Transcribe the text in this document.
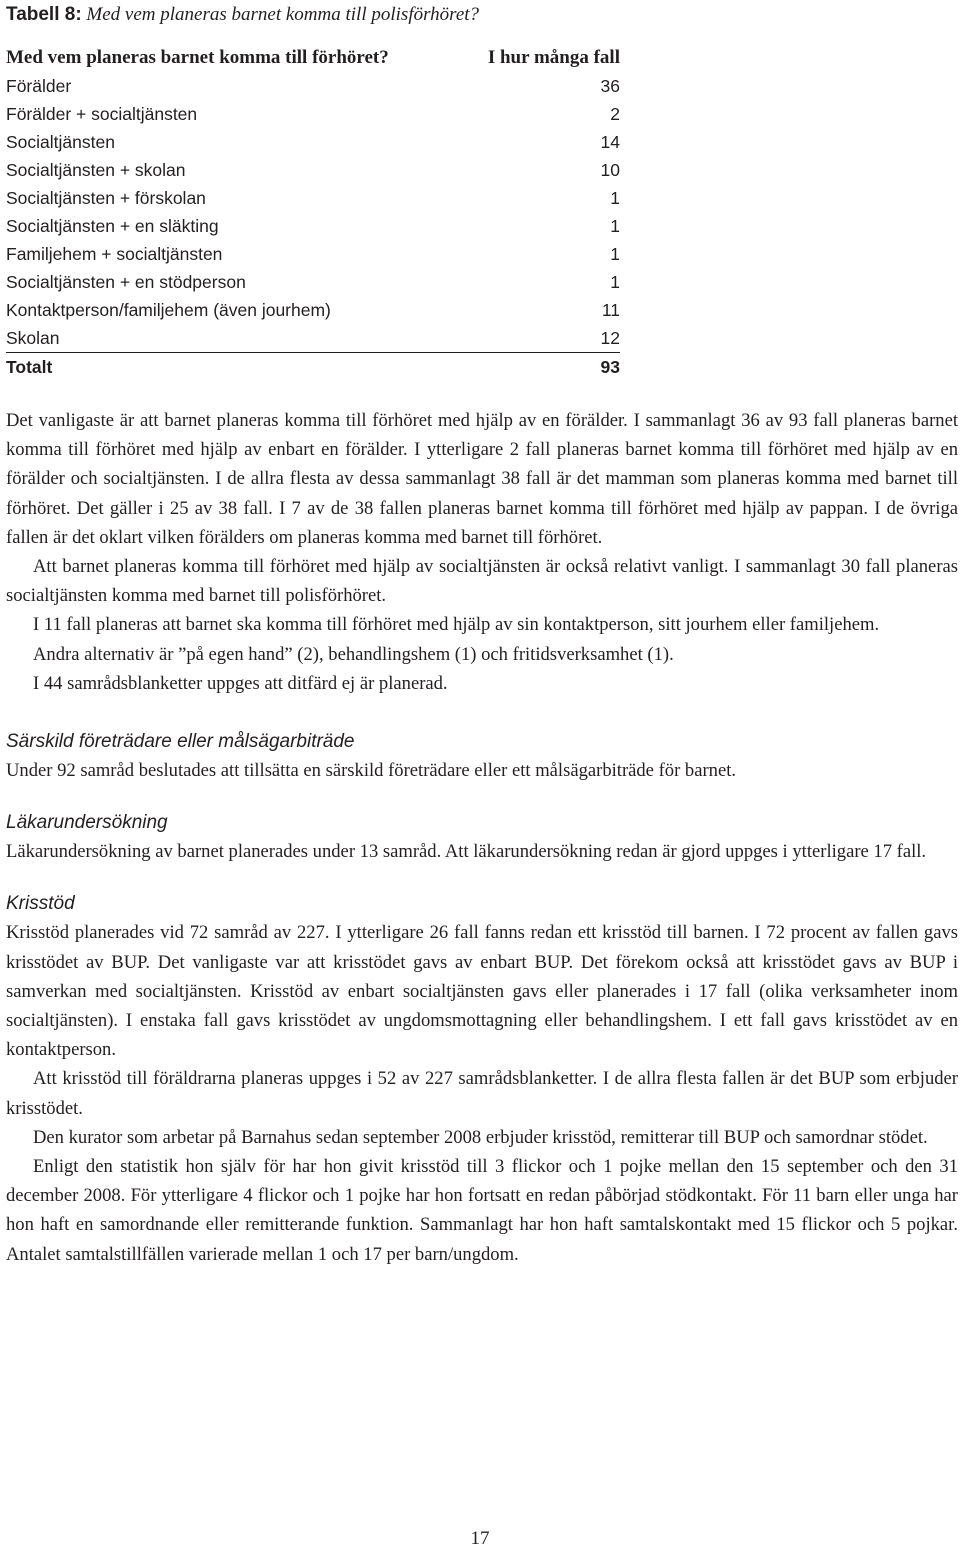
Tabell 8: Med vem planeras barnet komma till polisförhöret?
Med vem planeras barnet komma till förhöret?	I hur många fall
Förälder	36
Förälder + socialtjänsten	2
Socialtjänsten	14
Socialtjänsten + skolan	10
Socialtjänsten + förskolan	1
Socialtjänsten + en släkting	1
Familjehem + socialtjänsten	1
Socialtjänsten + en stödperson	1
Kontaktperson/familjehem (även jourhem)	11
Skolan	12
Totalt	93

Det vanligaste är att barnet planeras komma till förhöret med hjälp av en förälder. I sammanlagt 36 av 93 fall planeras barnet komma till förhöret med hjälp av enbart en förälder. I ytterligare 2 fall planeras barnet komma till förhöret med hjälp av en förälder och socialtjänsten. I de allra flesta av dessa sammanlagt 38 fall är det mamman som planeras komma med barnet till förhöret. Det gäller i 25 av 38 fall. I 7 av de 38 fallen planeras barnet komma till förhöret med hjälp av pappan. I de övriga fallen är det oklart vilken förälders om planeras komma med barnet till förhöret.

Att barnet planeras komma till förhöret med hjälp av socialtjänsten är också relativt vanligt. I sammanlagt 30 fall planeras socialtjänsten komma med barnet till polisförhöret.

I 11 fall planeras att barnet ska komma till förhöret med hjälp av sin kontaktperson, sitt jourhem eller familjehem.

Andra alternativ är ”på egen hand” (2), behandlingshem (1) och fritidsverksamhet (1).

I 44 samrådsblanketter uppges att ditfärd ej är planerad.

Särskild företrädare eller målsägarbiträde

Under 92 samråd beslutades att tillsätta en särskild företrädare eller ett målsägarbiträde för barnet.

Läkarundersökning

Läkarundersökning av barnet planerades under 13 samråd. Att läkarundersökning redan är gjord uppges i ytterligare 17 fall.

Krisstöd

Krisstöd planerades vid 72 samråd av 227. I ytterligare 26 fall fanns redan ett krisstöd till barnen. I 72 procent av fallen gavs krisstödet av BUP. Det vanligaste var att krisstödet gavs av enbart BUP. Det förekom också att krisstödet gavs av BUP i samverkan med socialtjänsten. Krisstöd av enbart socialtjänsten gavs eller planerades i 17 fall (olika verksamheter inom socialtjänsten). I enstaka fall gavs krisstödet av ungdomsmottagning eller behandlingshem. I ett fall gavs krisstödet av en kontaktperson.

Att krisstöd till föräldrarna planeras uppges i 52 av 227 samrådsblanketter. I de allra flesta fallen är det BUP som erbjuder krisstödet.

Den kurator som arbetar på Barnahus sedan september 2008 erbjuder krisstöd, remitterar till BUP och samordnar stödet.

Enligt den statistik hon själv för har hon givit krisstöd till 3 flickor och 1 pojke mellan den 15 september och den 31 december 2008. För ytterligare 4 flickor och 1 pojke har hon fortsatt en redan påbörjad stödkontakt. För 11 barn eller unga har hon haft en samordnande eller remitterande funktion. Sammanlagt har hon haft samtalskontakt med 15 flickor och 5 pojkar. Antalet samtalstillfällen varierade mellan 1 och 17 per barn/ungdom.

17
